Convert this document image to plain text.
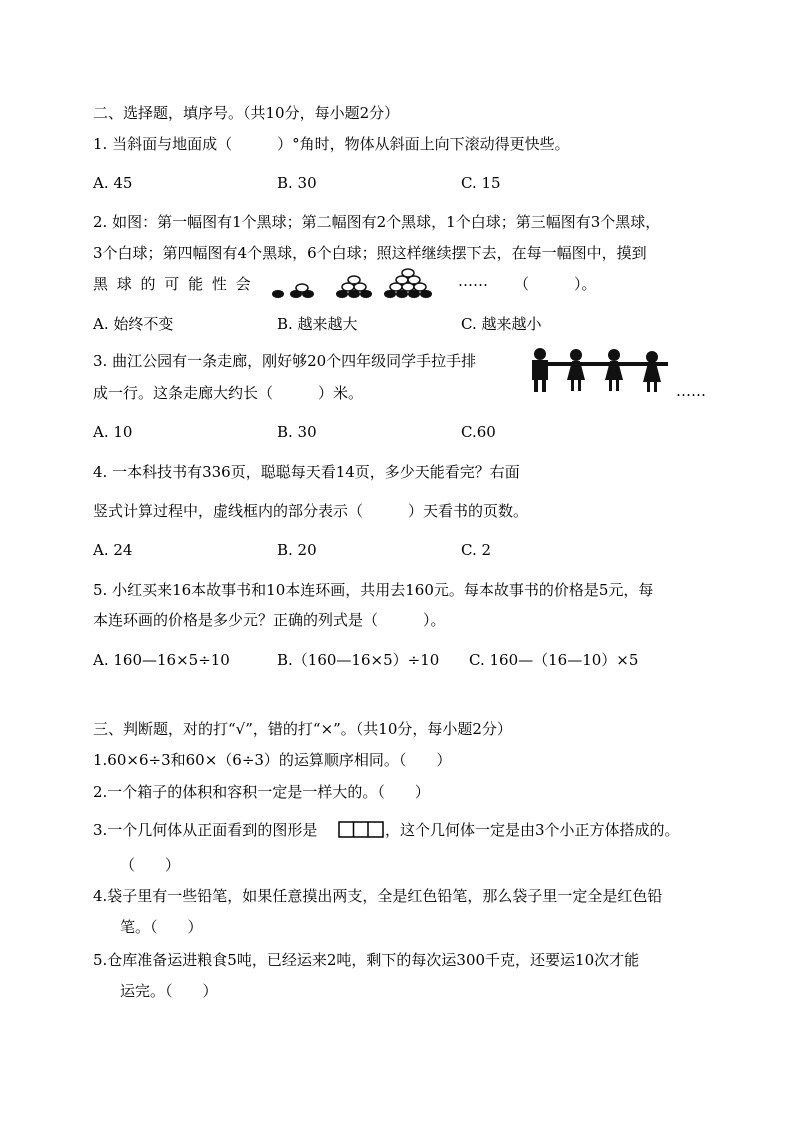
二、选择题，填序号。（共10分，每小题2分）
1. 当斜面与地面成（　　　）°角时，物体从斜面上向下滚动得更快些。
A. 45	B. 30	C. 15
2. 如图：第一幅图有1个黑球；第二幅图有2个黑球，1个白球；第三幅图有3个黑球，
3个白球；第四幅图有4个黑球，6个白球；照这样继续摆下去，在每一幅图中，摸到
黑 球 的 可 能 性 会	…… （　　　）。
A. 始终不变	B. 越来越大	C. 越来越小
3. 曲江公园有一条走廊，刚好够20个四年级同学手拉手排
成一行。这条走廊大约长（　　　）米。	……
A. 10	B. 30	C.60
4. 一本科技书有336页，聪聪每天看14页，多少天能看完？右面
竖式计算过程中，虚线框内的部分表示（　　　）天看书的页数。
A. 24	B. 20	C. 2
5. 小红买来16本故事书和10本连环画，共用去160元。每本故事书的价格是5元，每
本连环画的价格是多少元？正确的列式是（　　　）。
A. 160—16×5÷10	B.（160—16×5）÷10 C. 160—（16—10）×5
三、判断题，对的打“√”，错的打“×”。（共10分，每小题2分）
1.60×6÷3和60×（6÷3）的运算顺序相同。（　　）
2.一个箱子的体积和容积一定是一样大的。（　　）
3.一个几何体从正面看到的图形是	，这个几何体一定是由3个小正方体搭成的。
（　　）
4.袋子里有一些铅笔，如果任意摸出两支，全是红色铅笔，那么袋子里一定全是红色铅
笔。（　　）
5.仓库准备运进粮食5吨，已经运来2吨，剩下的每次运300千克，还要运10次才能
运完。（　　）
